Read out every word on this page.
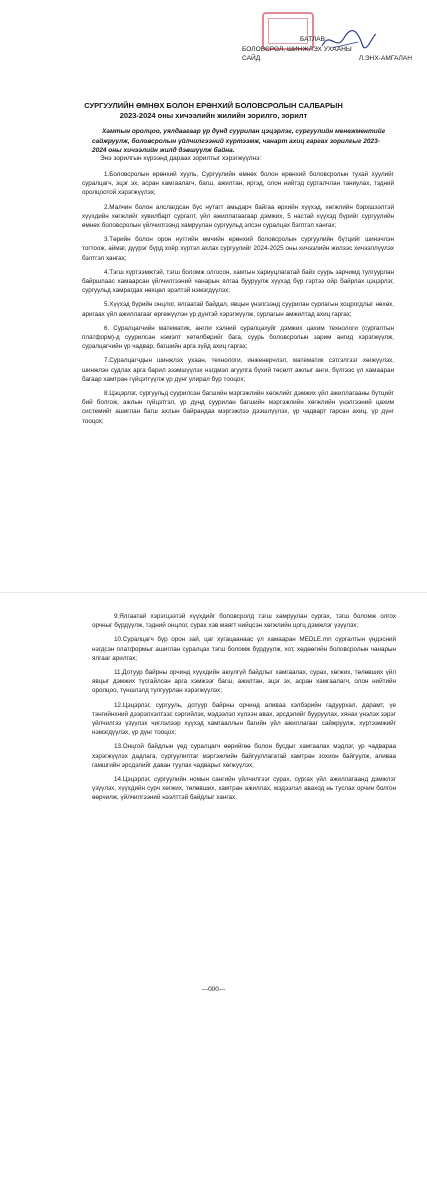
БАТЛАВ
БОЛОВСРОЛ, ШИНЖЛЭХ УХААНЫ
САЙД	Л.ЭНХ-АМГАЛАН
СУРГУУЛИЙН ӨМНӨХ БОЛОН ЕРӨНХИЙ БОЛОВСРОЛЫН САЛБАРЫН
2023-2024 оны хичээлийн жилийн зорилго, зорилт
Хамтын оролцоо, уялдаагаар үр дүнд суурилан цэцэрлэг, сургуулийн менежментийг сайжруулж, боловсролын үйлчилгээний хүртээмж, чанарт ахиц гаргах зорилгыг 2023-2024 оны хичээлийн жилд дэвшүүлж байна.
Энэ зорилгын хүрээнд дараах зорилтыг хэрэгжүүлнэ:

1.Боловсролын ерөнхий хууль, Сургуулийн өмнөх болон ерөнхий боловсролын тухай хуулийг суралцагч, эцэг эх, асран хамгаалагч, багш, ажилтан, иргэд, олон нийтэд сурталчлан таниулах, тэдний оролцоотой хэрэгжүүлэх;

2.Малчин болон алслагдсан бүс нутагт амьдарч байгаа өрхийн хүүхэд, хөгжлийн бэрхшээлтэй хүүхдийн хөгжлийг хувилбарт сургалт, үйл ажиллагаагаар дэмжих, 5 настай хүүхэд бүрийг сургуулийн өмнөх боловсролын үйлчилгээнд хамруулан сургуульд элсэн суралцах бэлтгэл хангах;

3.Төрийн болон орон нутгийн өмчийн ерөнхий боловсролын сургуулийн бүтцийг шинэчлэн тогтоож, аймаг, дүүрэг бүрд хоёр хүртэл ахлах сургуулийг 2024-2025 оны хичээлийн жилээс хичээллүүлэх бэлтгэл хангах;

4.Тэгш хүртээмжтэй, тэгш боломж олгосон, хамтын хариуцлагатай байх суурь зарчимд тулгуурлан байршлаас хамаарсан үйлчилгээний чанарын ялгаа бууруулж хүүхэд бүр гэртээ ойр байрлах цэцэрлэг, сургуульд хамрагдах нөхцөл эрэлтэй нэмэгдүүлэх;

5.Хүүхэд бүрийн онцлог, ялгаатай байдал, явцын үнэлгээнд суурилан сурлагын хоцрогдлыг нөхөх, аригаах үйл ажиллагааг өргөжүүлэн үр дүнтэй хэрэгжүүлж, сурлагын амжилтад ахиц гаргах;

6. Суралцагчийн математик, англи хэлний суралцахуйг дэмжих цахим технологи (сургалтын платформ)-д суурилсан нэмэлт хөтөлбөрийг бага, суурь боловсролын зарим ангид хэрэгжүүлж, суралцагчийн үр чадвар, багшийн арга зүйд ахиц гаргах;

7.Суралцагчдын шинжлэх ухаан, технологи, инженерчлэл, математик сэтгэлгээг хөгжүүлэх, шинжлэн судлах арга барил эзэмшүүлэх нэгдмэл агуулга бүхий төсөлт ажлыг анги, бүлгээс үл хамааран багаар хамтран гүйцэтгүүлж үр дүнг улирал бүр тооцох;

8.Цэцэрлэг, сургуульд суурилсан багшийн мэргэжлийн хөгжлийг дэмжих үйл ажиллагааны бүтцийг бий болгож, ажлын гүйцэтгэл, үр дүнд суурилан багшийн мэргэжлийн хөгжлийн үнэлгээний цахим системийг ашиглан багш ахлын байрандаа мэргэжлээ дээшлүүлэх, үр чадварт гарсан ахиц, үр дүнг тооцох;

9.Ялгаатай хэрэгцээтэй хүүхдийг боловсролд тэгш хамруулан сургах, тэгш боломж олгох орчныг бүрдүүлж, тэдний онцлог, сурах хэв маягт нийцсэн хөгжлийн цогц дэмжлэг үзүүлэх;

10.Суралцагч бүр орон зай, цаг хугацаанаас үл хамааран MEDLE.mn сургалтын үндэсний нэгдсэн платформыг ашиглан суралцах тэгш боломж бүрдүүлж, хот, хөдөөгийн боловсролын чанарын ялгааг арилгах;

11.Дотуур байрны орчинд хүүхдийн аюулгүй байдлыг хамгаалах, сурах, хөгжих, төлөвших үйл явцыг дэмжих түсгайлсан арга хэмжээг багш, ажилтан, эцэг эх, асран хамгаалагч, олон нийтийн оролцоо, түншлэлд тулгуурлан хэрэгжүүлэх;

12.Цэцэрлэг, сургууль, дотуур байрны орчинд аливаа хэлбэрийн гадуурхал, дарамт, үе тэнгийнхний дээрэлхэлтээс сэргийлэх, мэдээлэл хүлээн авах, эрсдэлийг бууруулах, хянах үнэлэх зэрэг үйлчилгээ үзүүлэх чиглэлээр хүүхэд хамгааллын багийн үйл ажиллагааг сайжруулж, хүртээмжийг нэмэгдүүлэх, үр дүнг тооцох;

13.Онцгой байдлын үед суралцагч өөрийгөө болон бусдыг хамгаалах мэдлэг, ур чадвараа хэрэгжүүлэх дадлага, сургуулиптаг мэргэжлийн байгууллагатай хамтран зохион байгуулж, аливаа гамшгийн эрсдэлийг даван туулах чадварыг хөгжүүлэх;

14.Цэцэрлэг, сургуулийн номын сангийн үйлчилгээг сурах, сургах үйл ажиллагаанд дэмжлэг үзүүлэх, хүүхдийн сурч хөгжих, төлөвших, хамтран ажиллах, мэдээлэл аваход нь туслах орчин болгон өөрчилж, үйлчилгээний нээлттэй байдлыг хангах.

---000---
